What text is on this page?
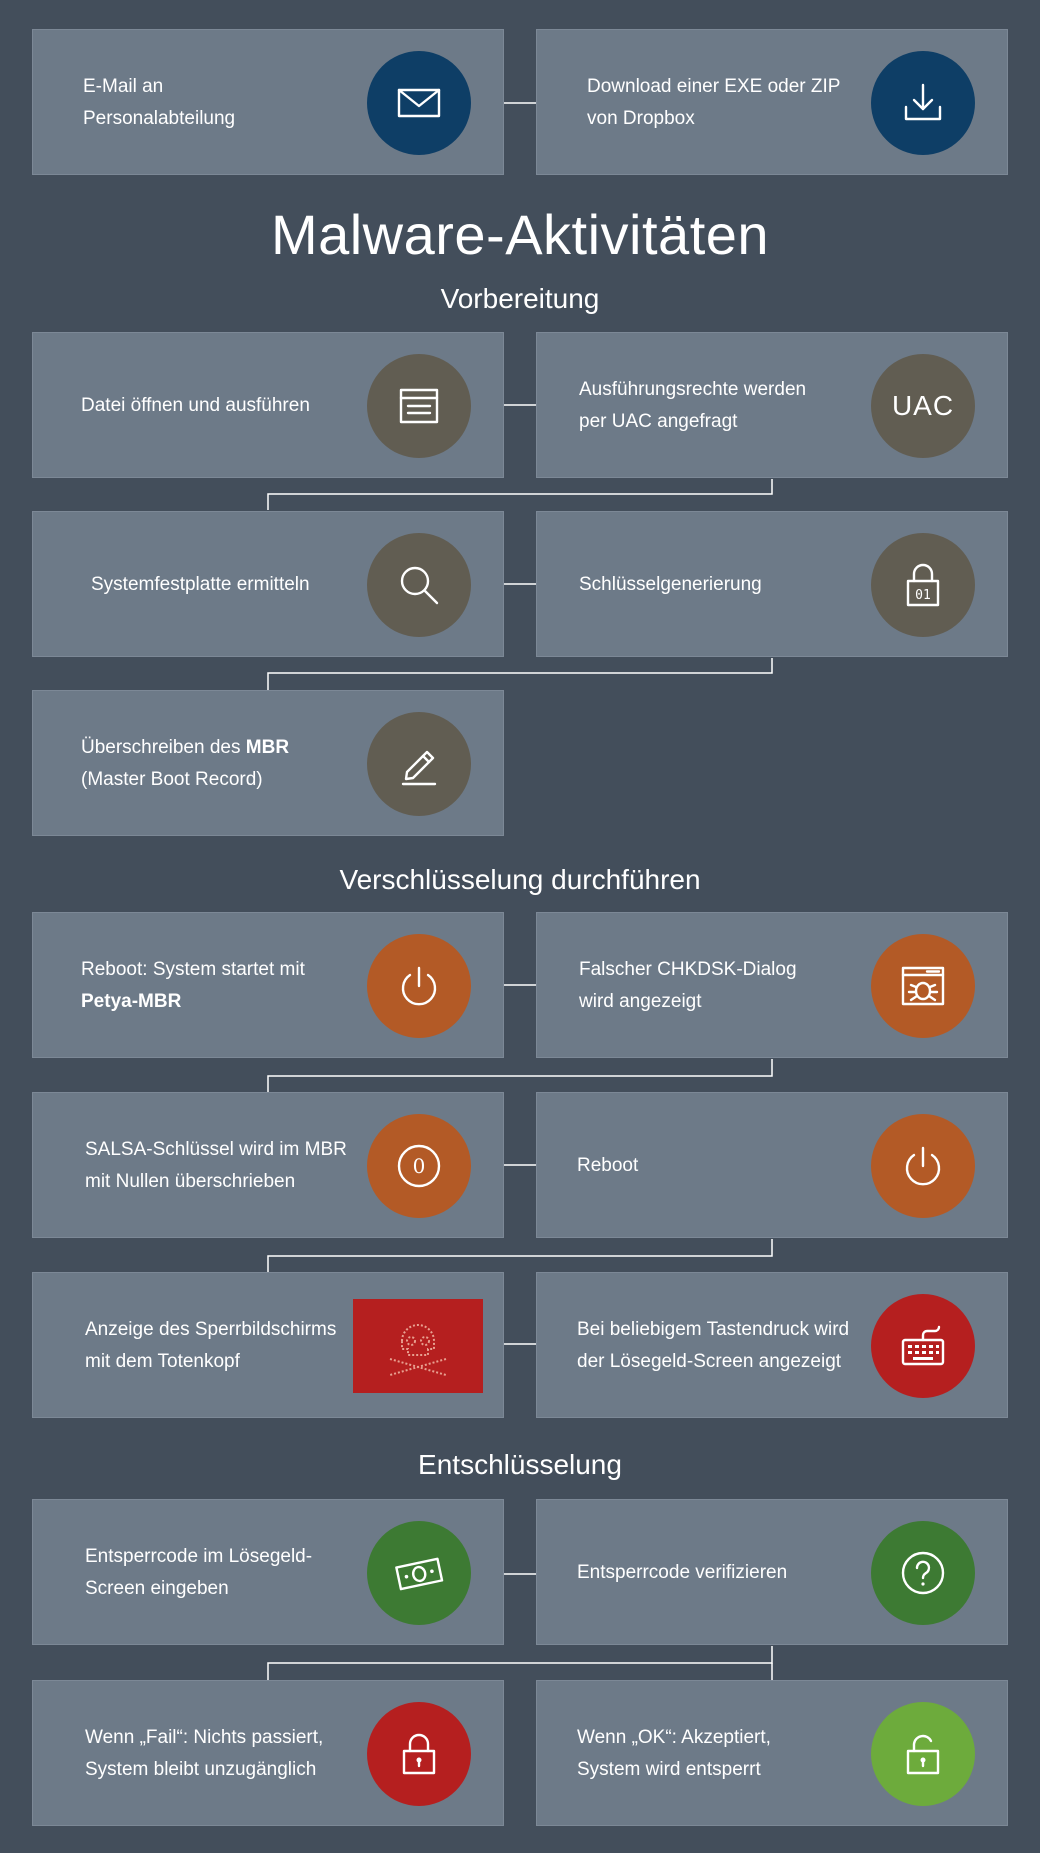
E-Mail an
Personalabteilung
Download einer EXE oder ZIP
von Dropbox
Malware-Aktivitäten
Vorbereitung
Datei öffnen und ausführen
Ausführungsrechte werden
per UAC angefragt
UAC
Systemfestplatte ermitteln	Schlüsselgenerierung
01
Überschreiben des MBR
(Master Boot Record)
Verschlüsselung durchführen
Reboot: System startet mit
Petya-MBR
Falscher CHKDSK-Dialog
wird angezeigt
SALSA-Schlüssel wird im MBR
mit Nullen überschrieben
0	Reboot
Anzeige des Sperrbildschirms
mit dem Totenkopf
Bei beliebigem Tastendruck wird
der Lösegeld-Screen angezeigt
Entschlüsselung
Entsperrcode im Lösegeld-
Screen eingeben
Entsperrcode verifizieren
Wenn „Fail“: Nichts passiert,
System bleibt unzugänglich
Wenn „OK“: Akzeptiert,
System wird entsperrt
